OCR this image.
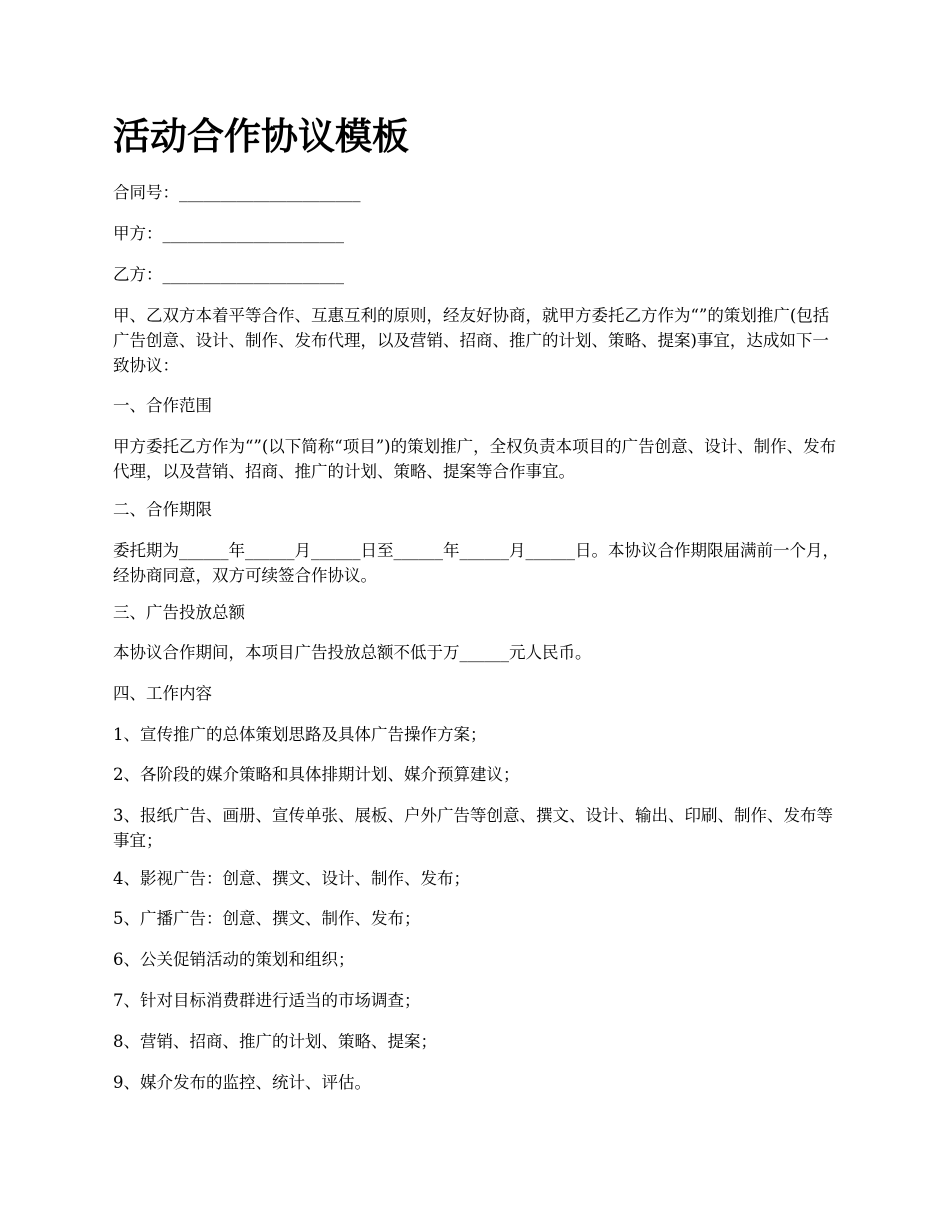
活动合作协议模板

合同号：______________________

甲方：______________________

乙方：______________________

甲、乙双方本着平等合作、互惠互利的原则，经友好协商，就甲方委托乙方作为“”的策划推广(包括广告创意、设计、制作、发布代理，以及营销、招商、推广的计划、策略、提案)事宜，达成如下一致协议：

一、合作范围

甲方委托乙方作为“”(以下简称“项目”)的策划推广，全权负责本项目的广告创意、设计、制作、发布代理，以及营销、招商、推广的计划、策略、提案等合作事宜。

二、合作期限

委托期为______年______月______日至______年______月______日。本协议合作期限届满前一个月，经协商同意，双方可续签合作协议。

三、广告投放总额

本协议合作期间，本项目广告投放总额不低于万______元人民币。

四、工作内容

1、宣传推广的总体策划思路及具体广告操作方案；

2、各阶段的媒介策略和具体排期计划、媒介预算建议；

3、报纸广告、画册、宣传单张、展板、户外广告等创意、撰文、设计、输出、印刷、制作、发布等事宜；

4、影视广告：创意、撰文、设计、制作、发布；

5、广播广告：创意、撰文、制作、发布；

6、公关促销活动的策划和组织；

7、针对目标消费群进行适当的市场调查；

8、营销、招商、推广的计划、策略、提案；

9、媒介发布的监控、统计、评估。
